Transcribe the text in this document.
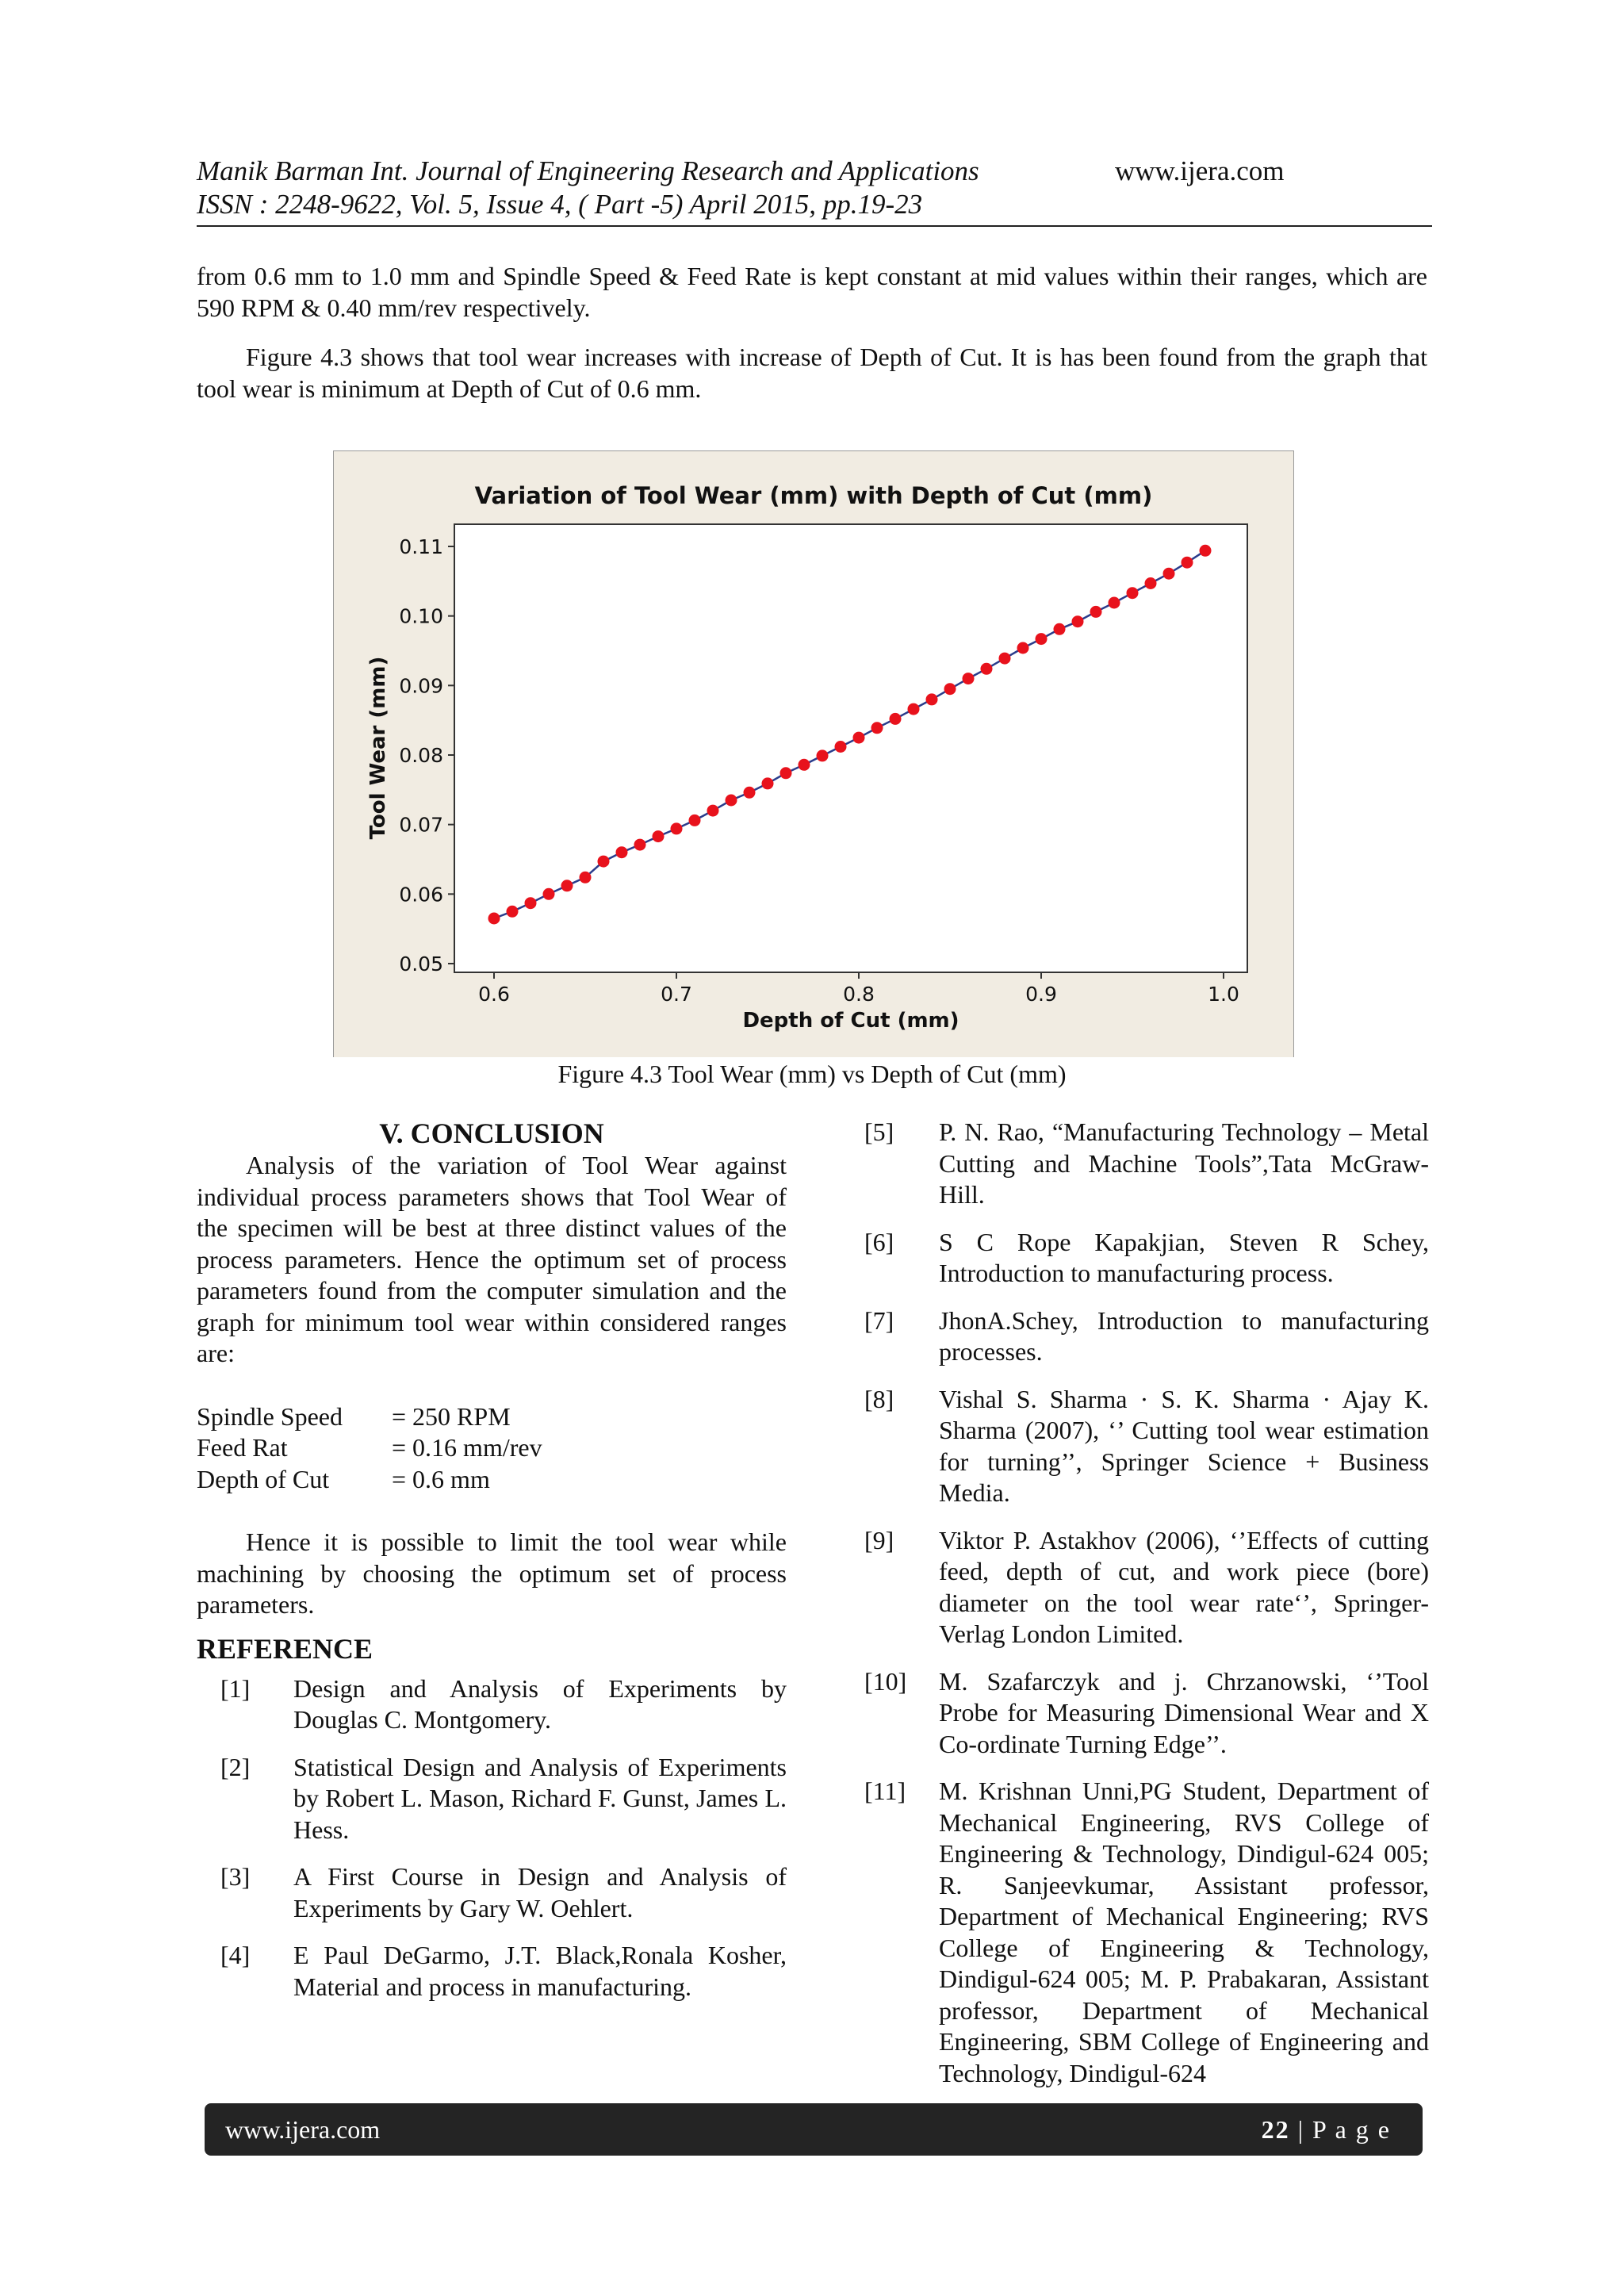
Manik Barman Int. Journal of Engineering Research and Applications	www.ijera.com
ISSN : 2248-9622, Vol. 5, Issue 4, ( Part -5) April 2015, pp.19-23

from 0.6 mm to 1.0 mm and Spindle Speed & Feed Rate is kept constant at mid values within their ranges, which are 590 RPM & 0.40 mm/rev respectively.

Figure 4.3 shows that tool wear increases with increase of Depth of Cut. It is has been found from the graph that tool wear is minimum at Depth of Cut of 0.6 mm.

Variation of Tool Wear (mm) with Depth of Cut (mm)
0.05
0.06
0.07
0.08
0.09
0.10
0.11
0.6	0.7	0.8	0.9	1.0
Depth of Cut (mm)
Tool Wear (mm)
Figure 4.3 Tool Wear (mm) vs Depth of Cut (mm)
V. CONCLUSION

Analysis of the variation of Tool Wear against individual process parameters shows that Tool Wear of the specimen will be best at three distinct values of the process parameters. Hence the optimum set of process parameters found from the computer simulation and the graph for minimum tool wear within considered ranges are:

Spindle Speed	= 250 RPM
Feed Rat	= 0.16 mm/rev
Depth of Cut	= 0.6 mm

Hence it is possible to limit the tool wear while machining by choosing the optimum set of process parameters.

REFERENCE
[1]	Design and Analysis of Experiments by Douglas C. Montgomery.
[2]	Statistical Design and Analysis of Experiments by Robert L. Mason, Richard F. Gunst, James L. Hess.
[3]	A First Course in Design and Analysis of Experiments by Gary W. Oehlert.
[4]	E Paul DeGarmo, J.T. Black,Ronala Kosher, Material and process in manufacturing.
[5]	P. N. Rao, “Manufacturing Technology – Metal Cutting and Machine Tools”,Tata McGraw- Hill.
[6]	S C Rope Kapakjian, Steven R Schey, Introduction to manufacturing process.
[7]	JhonA.Schey, Introduction to manufacturing processes.
[8]	Vishal S. Sharma · S. K. Sharma · Ajay K. Sharma (2007), ‘’ Cutting tool wear estimation for turning’’, Springer Science + Business Media.
[9]	Viktor P. Astakhov (2006), ‘’Effects of cutting feed, depth of cut, and work piece (bore) diameter on the tool wear rate‘’, Springer-Verlag London Limited.
[10]	M. Szafarczyk and j. Chrzanowski, ‘’Tool Probe for Measuring Dimensional Wear and X Co-ordinate Turning Edge’’.
[11]	M. Krishnan Unni,PG Student, Department of Mechanical Engineering, RVS College of Engineering & Technology, Dindigul-624 005; R. Sanjeevkumar, Assistant professor, Department of Mechanical Engineering; RVS College of Engineering & Technology, Dindigul-624 005; M. P. Prabakaran, Assistant professor, Department of Mechanical Engineering, SBM College of Engineering and Technology, Dindigul-624
www.ijera.com	22 | P a g e
